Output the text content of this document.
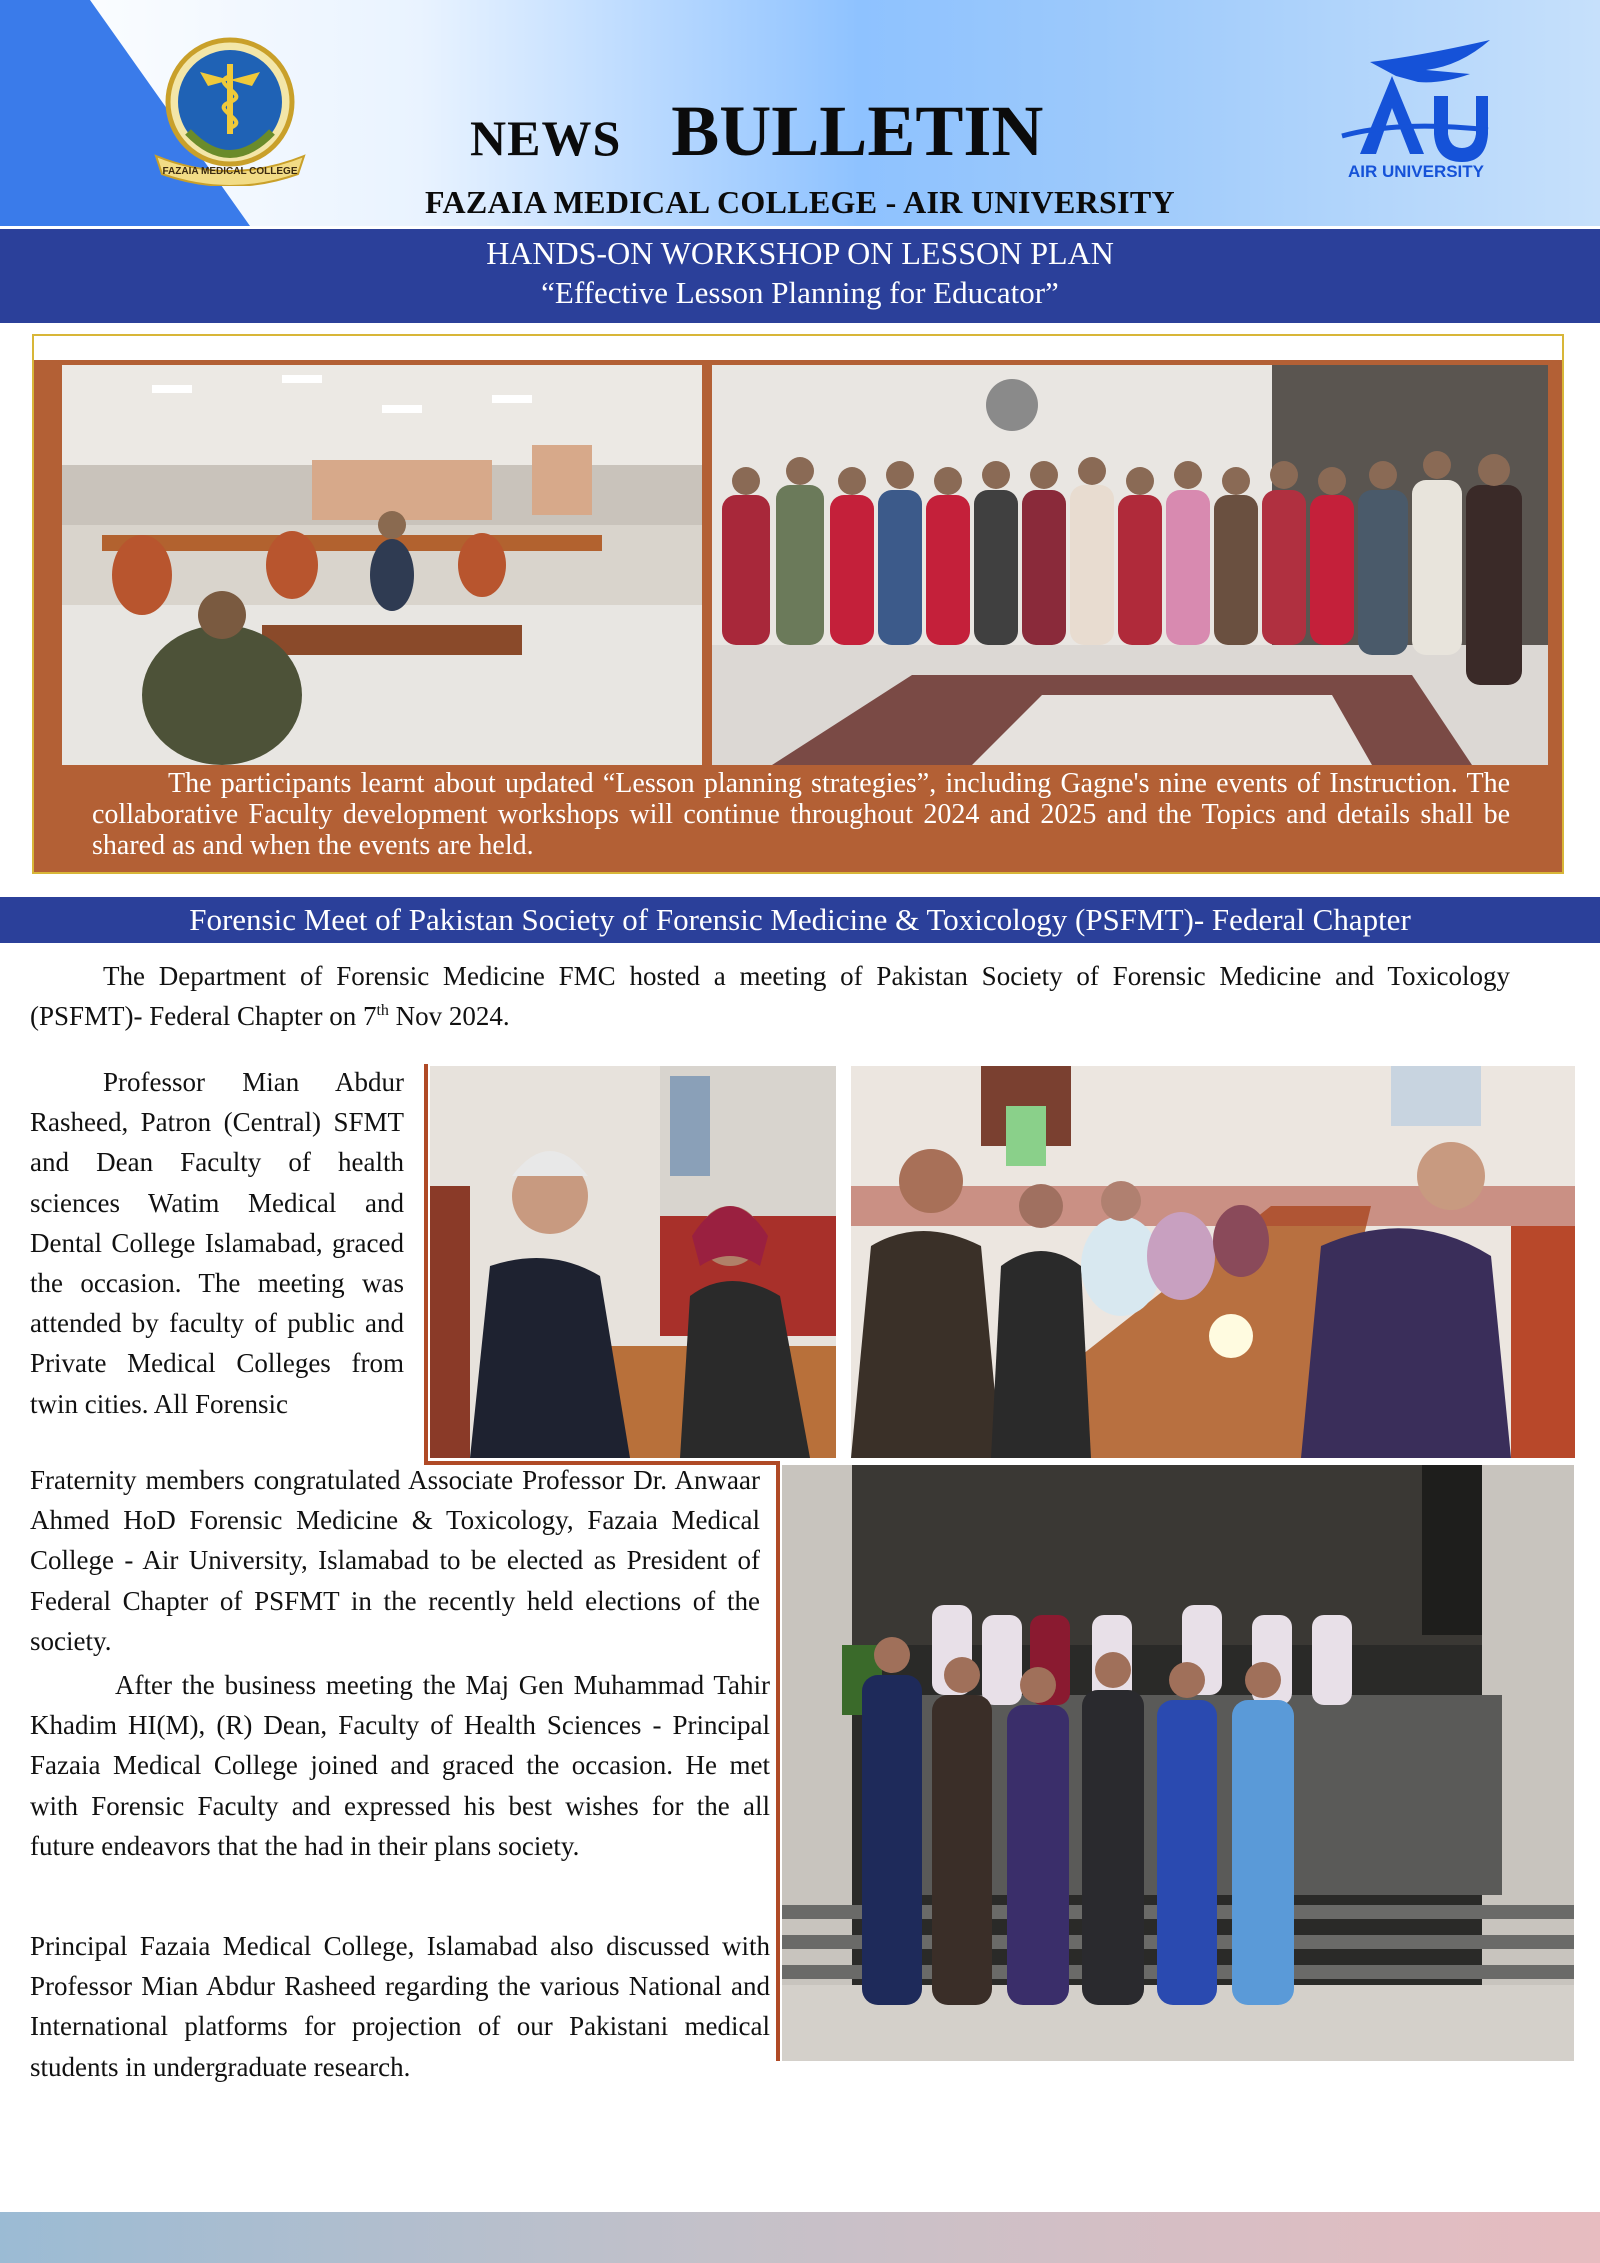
FAZAIA MEDICAL COLLEGE	AIR UNIVERSITY
NEWS BULLETIN
FAZAIA MEDICAL COLLEGE - AIR UNIVERSITY
HANDS-ON WORKSHOP ON LESSON PLAN
“Effective Lesson Planning for Educator”
The participants learnt about updated “Lesson planning strategies”, including Gagne's nine events of Instruction. The collaborative Faculty development workshops will continue throughout 2024 and 2025 and the Topics and details shall be shared as and when the events are held.
Forensic Meet of Pakistan Society of Forensic Medicine & Toxicology (PSFMT)- Federal Chapter
The Department of Forensic Medicine FMC hosted a meeting of Pakistan Society of Forensic Medicine and Toxicology (PSFMT)- Federal Chapter on 7th Nov 2024.
Professor Mian Abdur Rasheed, Patron (Central) SFMT and Dean Faculty of health sciences Watim Medical and Dental College Islamabad, graced the occasion. The meeting was attended by faculty of public and Private Medical Colleges from twin cities. All Forensic
Fraternity members congratulated Associate Professor Dr. Anwaar Ahmed HoD Forensic Medicine & Toxicology, Fazaia Medical College - Air University, Islamabad to be elected as President of Federal Chapter of PSFMT in the recently held elections of the society.
After the business meeting the Maj Gen Muhammad Tahir Khadim HI(M), (R) Dean, Faculty of Health Sciences - Principal Fazaia Medical College joined and graced the occasion. He met with Forensic Faculty and expressed his best wishes for the all future endeavors that the had in their plans society.
Principal Fazaia Medical College, Islamabad also discussed with Professor Mian Abdur Rasheed regarding the various National and International platforms for projection of our Pakistani medical students in undergraduate research.
